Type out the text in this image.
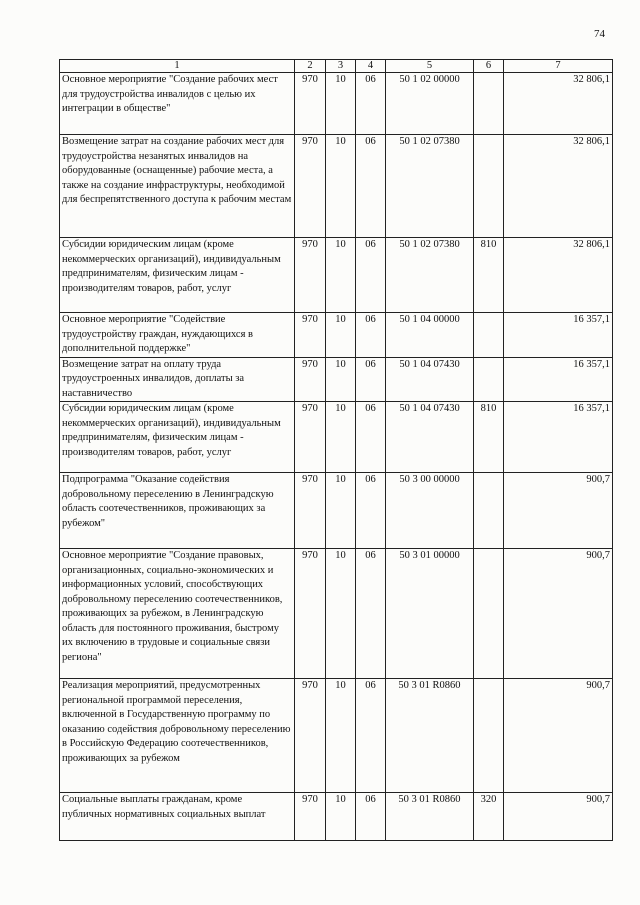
74
1	2	3	4	5	6	7
Основное мероприятие "Создание рабочих мест для трудоустройства инвалидов с целью их интеграции в обществе"	970	10	06	50 1 02 00000		32 806,1
Возмещение затрат на создание рабочих мест для трудоустройства незанятых инвалидов на оборудованные (оснащенные) рабочие места, а также на создание инфраструктуры, необходимой для беспрепятственного доступа к рабочим местам	970	10	06	50 1 02 07380		32 806,1
Субсидии юридическим лицам (кроме некоммерческих организаций), индивидуальным предпринимателям, физическим лицам - производителям товаров, работ, услуг	970	10	06	50 1 02 07380	810	32 806,1
Основное мероприятие "Содействие трудоустройству граждан, нуждающихся в дополнительной поддержке"	970	10	06	50 1 04 00000		16 357,1
Возмещение затрат на оплату труда трудоустроенных инвалидов, доплаты за наставничество	970	10	06	50 1 04 07430		16 357,1
Субсидии юридическим лицам (кроме некоммерческих организаций), индивидуальным предпринимателям, физическим лицам - производителям товаров, работ, услуг	970	10	06	50 1 04 07430	810	16 357,1
Подпрограмма "Оказание содействия добровольному переселению в Ленинградскую область соотечественников, проживающих за рубежом"	970	10	06	50 3 00 00000		900,7
Основное мероприятие "Создание правовых, организационных, социально-экономических и информационных условий, способствующих добровольному переселению соотечественников, проживающих за рубежом, в Ленинградскую область для постоянного проживания, быстрому их включению в трудовые и социальные связи региона"	970	10	06	50 3 01 00000		900,7
Реализация мероприятий, предусмотренных региональной программой переселения, включенной в Государственную программу по оказанию содействия добровольному переселению в Российскую Федерацию соотечественников, проживающих за рубежом	970	10	06	50 3 01 R0860		900,7
Социальные выплаты гражданам, кроме публичных нормативных социальных выплат	970	10	06	50 3 01 R0860	320	900,7
